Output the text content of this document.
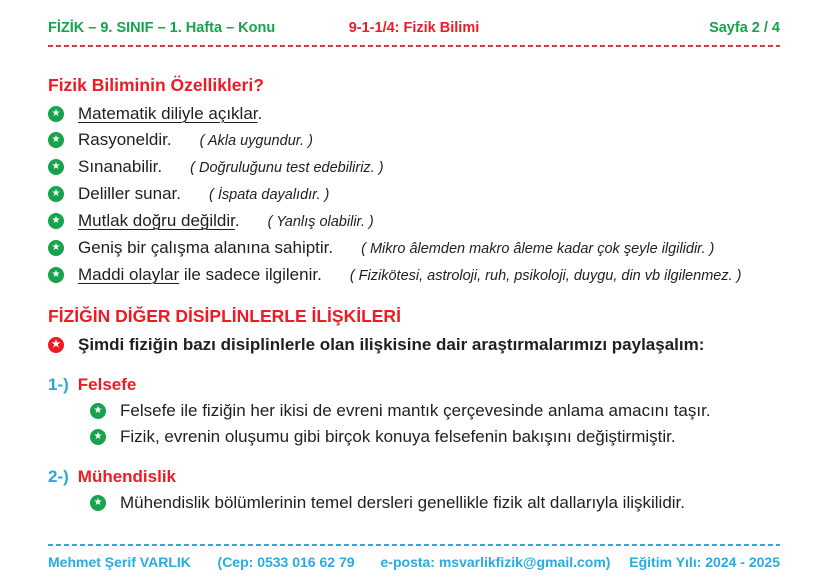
FİZİK – 9. SINIF – 1. Hafta – Konu	9-1-1/4: Fizik Bilimi	Sayfa 2 / 4
Fizik Biliminin Özellikleri?
★ Matematik diliyle açıklar.
★ Rasyoneldir. ( Akla uygundur. )
★ Sınanabilir. ( Doğruluğunu test edebiliriz. )
★ Deliller sunar. ( İspata dayalıdır. )
★ Mutlak doğru değildir. ( Yanlış olabilir. )
★ Geniş bir çalışma alanına sahiptir. ( Mikro âlemden makro âleme kadar çok şeyle ilgilidir. )
★ Maddi olaylar ile sadece ilgilenir. ( Fizikötesi, astroloji, ruh, psikoloji, duygu, din vb ilgilenmez. )
FİZİĞİN DİĞER DİSİPLİNLERLE İLİŞKİLERİ
★ Şimdi fiziğin bazı disiplinlerle olan ilişkisine dair araştırmalarımızı paylaşalım:
1-) Felsefe
★ Felsefe ile fiziğin her ikisi de evreni mantık çerçevesinde anlama amacını taşır.
★ Fizik, evrenin oluşumu gibi birçok konuya felsefenin bakışını değiştirmiştir.
2-) Mühendislik
★ Mühendislik bölümlerinin temel dersleri genellikle fizik alt dallarıyla ilişkilidir.
Mehmet Şerif VARLIK	(Cep: 0533 016 62 79 e-posta: msvarlikfizik@gmail.com)	Eğitim Yılı: 2024 - 2025
